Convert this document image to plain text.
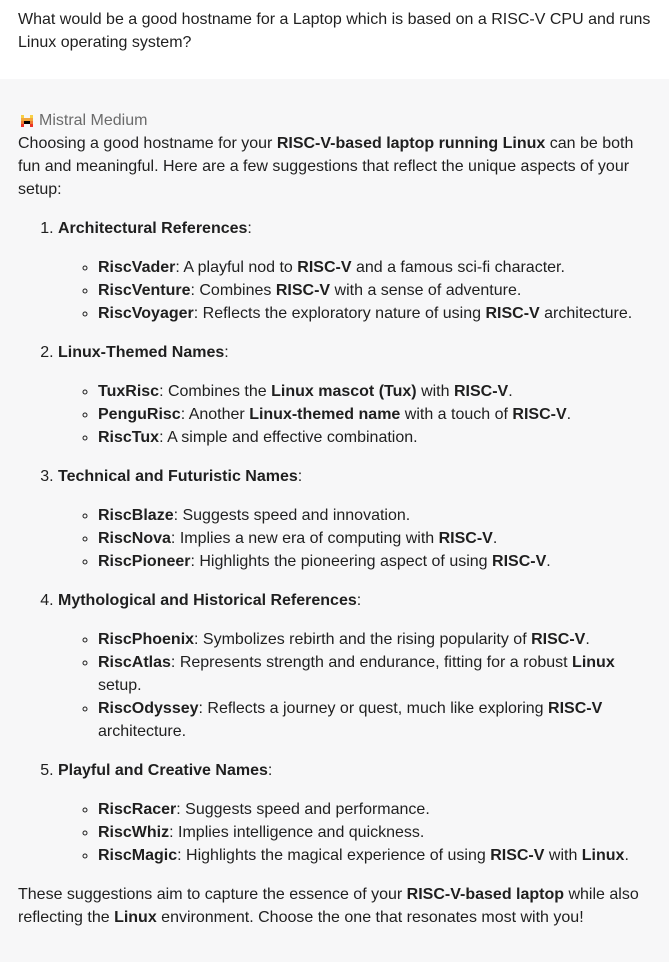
What would be a good hostname for a Laptop which is based on a RISC-V CPU and runs Linux operating system?

Mistral Medium

Choosing a good hostname for your RISC-V-based laptop running Linux can be both fun and meaningful. Here are a few suggestions that reflect the unique aspects of your setup:

1. Architectural References:
◦ RiscVader: A playful nod to RISC-V and a famous sci-fi character.
◦ RiscVenture: Combines RISC-V with a sense of adventure.
◦ RiscVoyager: Reflects the exploratory nature of using RISC-V architecture.
2. Linux-Themed Names:
◦ TuxRisc: Combines the Linux mascot (Tux) with RISC-V.
◦ PenguRisc: Another Linux-themed name with a touch of RISC-V.
◦ RiscTux: A simple and effective combination.
3. Technical and Futuristic Names:
◦ RiscBlaze: Suggests speed and innovation.
◦ RiscNova: Implies a new era of computing with RISC-V.
◦ RiscPioneer: Highlights the pioneering aspect of using RISC-V.
4. Mythological and Historical References:
◦ RiscPhoenix: Symbolizes rebirth and the rising popularity of RISC-V.
◦ RiscAtlas: Represents strength and endurance, fitting for a robust Linux setup.
◦ RiscOdyssey: Reflects a journey or quest, much like exploring RISC-V architecture.
5. Playful and Creative Names:
◦ RiscRacer: Suggests speed and performance.
◦ RiscWhiz: Implies intelligence and quickness.
◦ RiscMagic: Highlights the magical experience of using RISC-V with Linux.

These suggestions aim to capture the essence of your RISC-V-based laptop while also reflecting the Linux environment. Choose the one that resonates most with you!
